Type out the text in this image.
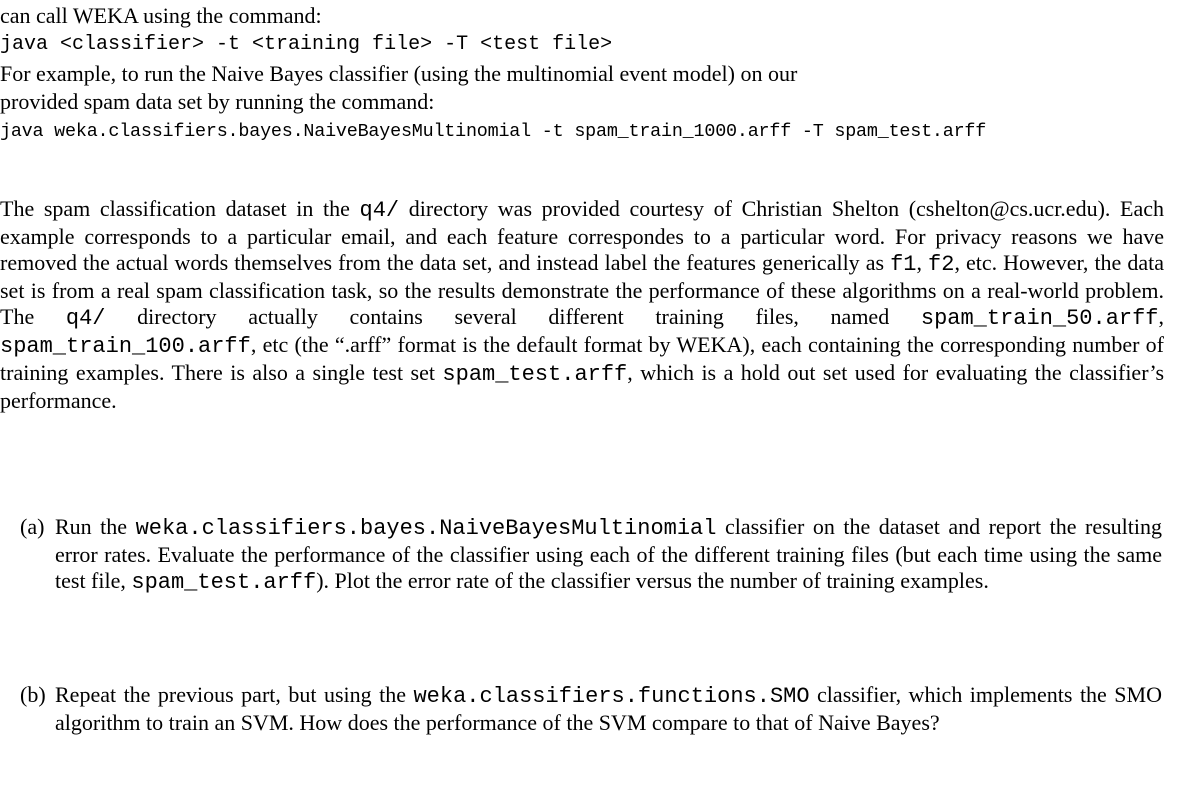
can call WEKA using the command:

java <classifier> -t <training file> -T <test file>

For example, to run the Naive Bayes classifier (using the multinomial event model) on our

provided spam data set by running the command:

java weka.classifiers.bayes.NaiveBayesMultinomial -t spam_train_1000.arff -T spam_test.arff

The spam classification dataset in the q4/ directory was provided courtesy of Christian Shelton (cshelton@cs.ucr.edu). Each example corresponds to a particular email, and each feature correspondes to a particular word. For privacy reasons we have removed the actual words themselves from the data set, and instead label the features generically as f1, f2, etc. However, the data set is from a real spam classification task, so the results demonstrate the performance of these algorithms on a real-world problem. The q4/ directory actually contains several different training files, named spam_train_50.arff, spam_train_100.arff, etc (the “.arff” format is the default format by WEKA), each containing the corresponding number of training examples. There is also a single test set spam_test.arff, which is a hold out set used for evaluating the classifier’s performance.

(a) Run the weka.classifiers.bayes.NaiveBayesMultinomial classifier on the dataset and report the resulting error rates. Evaluate the performance of the classifier using each of the different training files (but each time using the same test file, spam_test.arff). Plot the error rate of the classifier versus the number of training examples.

(b) Repeat the previous part, but using the weka.classifiers.functions.SMO classifier, which implements the SMO algorithm to train an SVM. How does the performance of the SVM compare to that of Naive Bayes?
